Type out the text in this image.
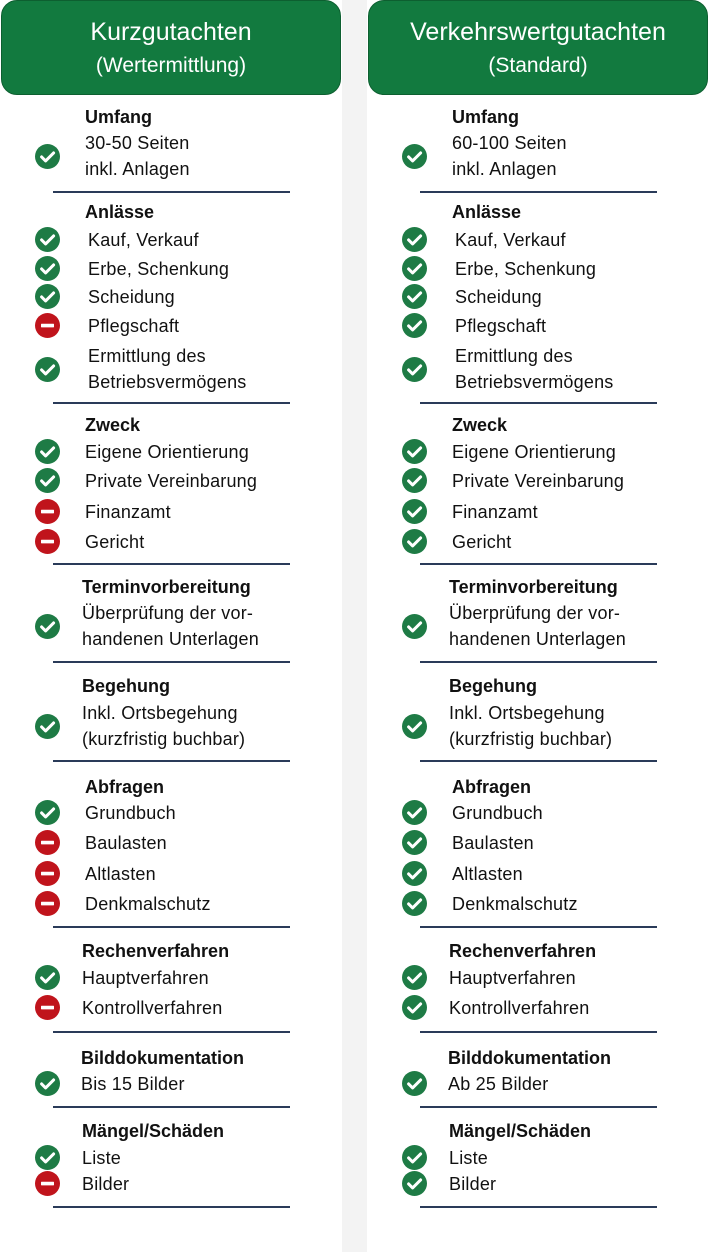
Kurzgutachten
(Wertermittlung)
Umfang
30-50 Seiten
inkl. Anlagen
Anlässe
Kauf, Verkauf
Erbe, Schenkung
Scheidung
Pflegschaft
Ermittlung des
Betriebsvermögens
Zweck
Eigene Orientierung
Private Vereinbarung
Finanzamt
Gericht
Terminvorbereitung
Überprüfung der vor-
handenen Unterlagen
Begehung
Inkl. Ortsbegehung
(kurzfristig buchbar)
Abfragen
Grundbuch
Baulasten
Altlasten
Denkmalschutz
Rechenverfahren
Hauptverfahren
Kontrollverfahren
Bilddokumentation
Bis 15 Bilder
Mängel/Schäden
Liste
Bilder
Verkehrswertgutachten
(Standard)
Umfang
60-100 Seiten
inkl. Anlagen
Anlässe
Kauf, Verkauf
Erbe, Schenkung
Scheidung
Pflegschaft
Ermittlung des
Betriebsvermögens
Zweck
Eigene Orientierung
Private Vereinbarung
Finanzamt
Gericht
Terminvorbereitung
Überprüfung der vor-
handenen Unterlagen
Begehung
Inkl. Ortsbegehung
(kurzfristig buchbar)
Abfragen
Grundbuch
Baulasten
Altlasten
Denkmalschutz
Rechenverfahren
Hauptverfahren
Kontrollverfahren
Bilddokumentation
Ab 25 Bilder
Mängel/Schäden
Liste
Bilder
